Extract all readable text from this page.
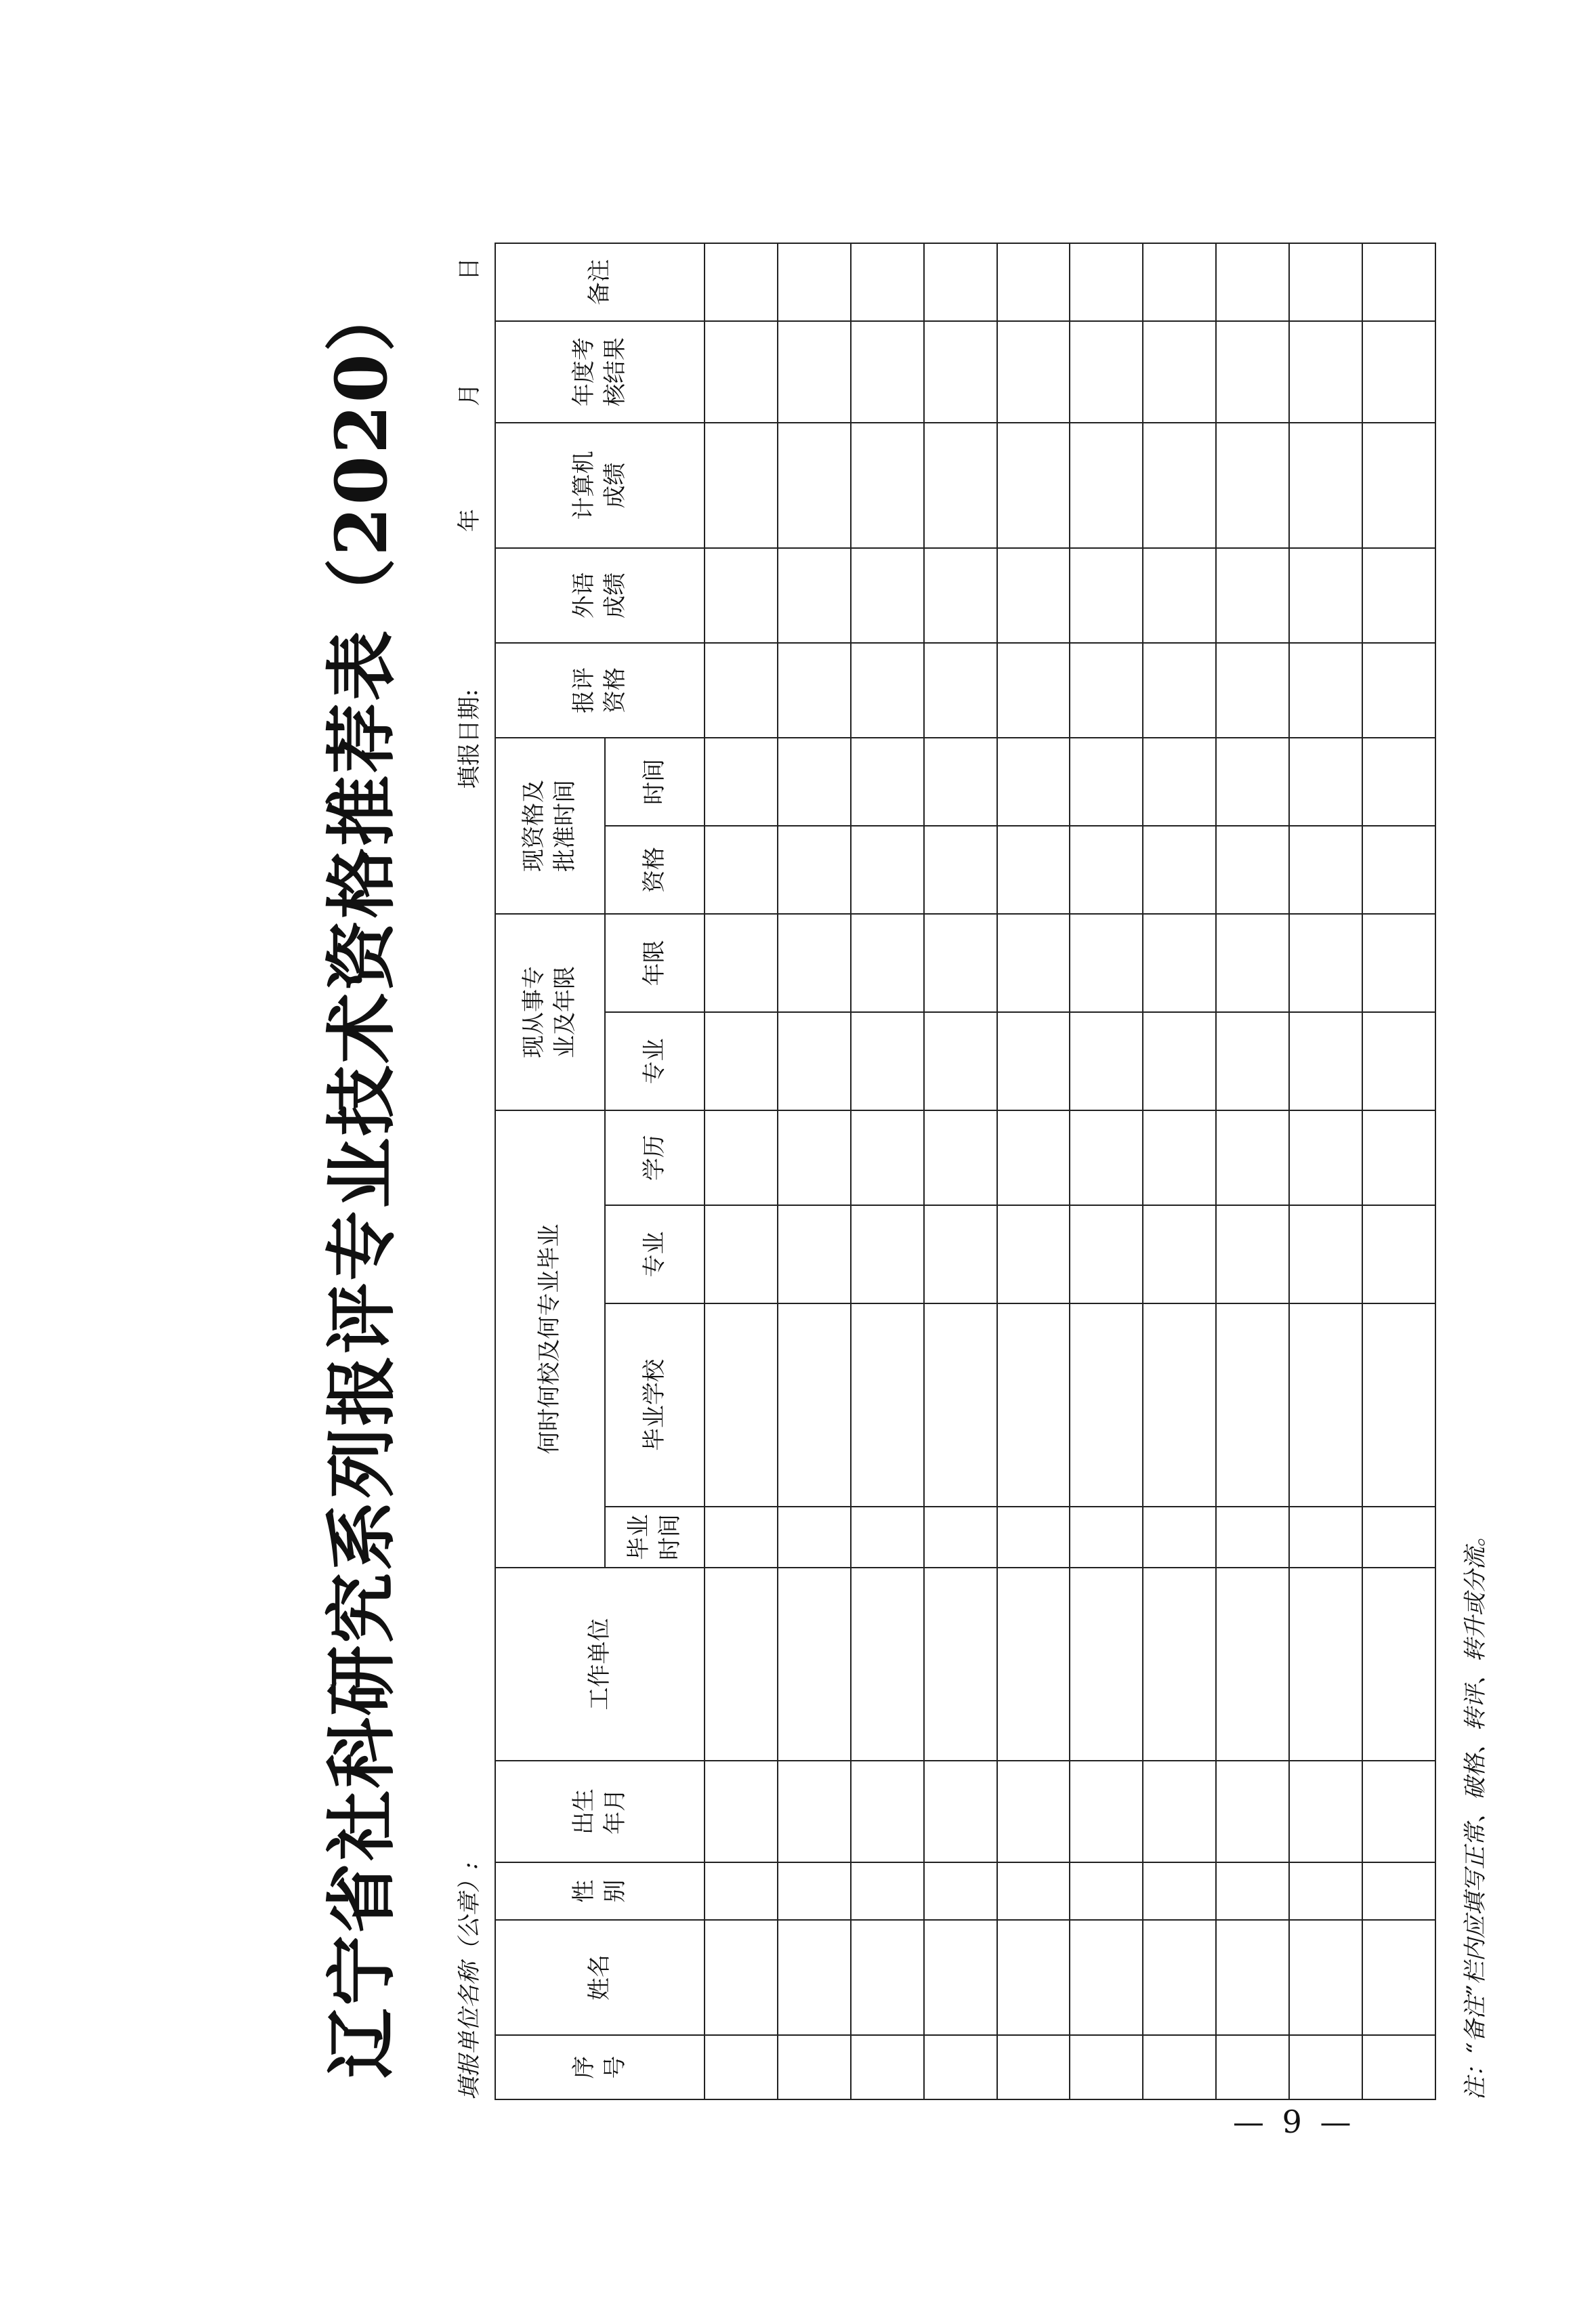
辽宁省社科研究系列报评专业技术资格推荐表（2020） 填报单位名称（公章）:
填报日期:  年  月  日
序 号	姓名	性 别	出生 年月	工作单位	何时何校及何专业毕业				现从事专 业及年限		现资格及 批准时间		报评 资格	外语 成绩	计算机 成绩	年度考 核结果	备注

					毕业 时间	毕业学校	专业	学历	专业	年限	资格	时间					

注：“备注”栏内应填写正常、破格、转评、转升或分流。
— 9 —
